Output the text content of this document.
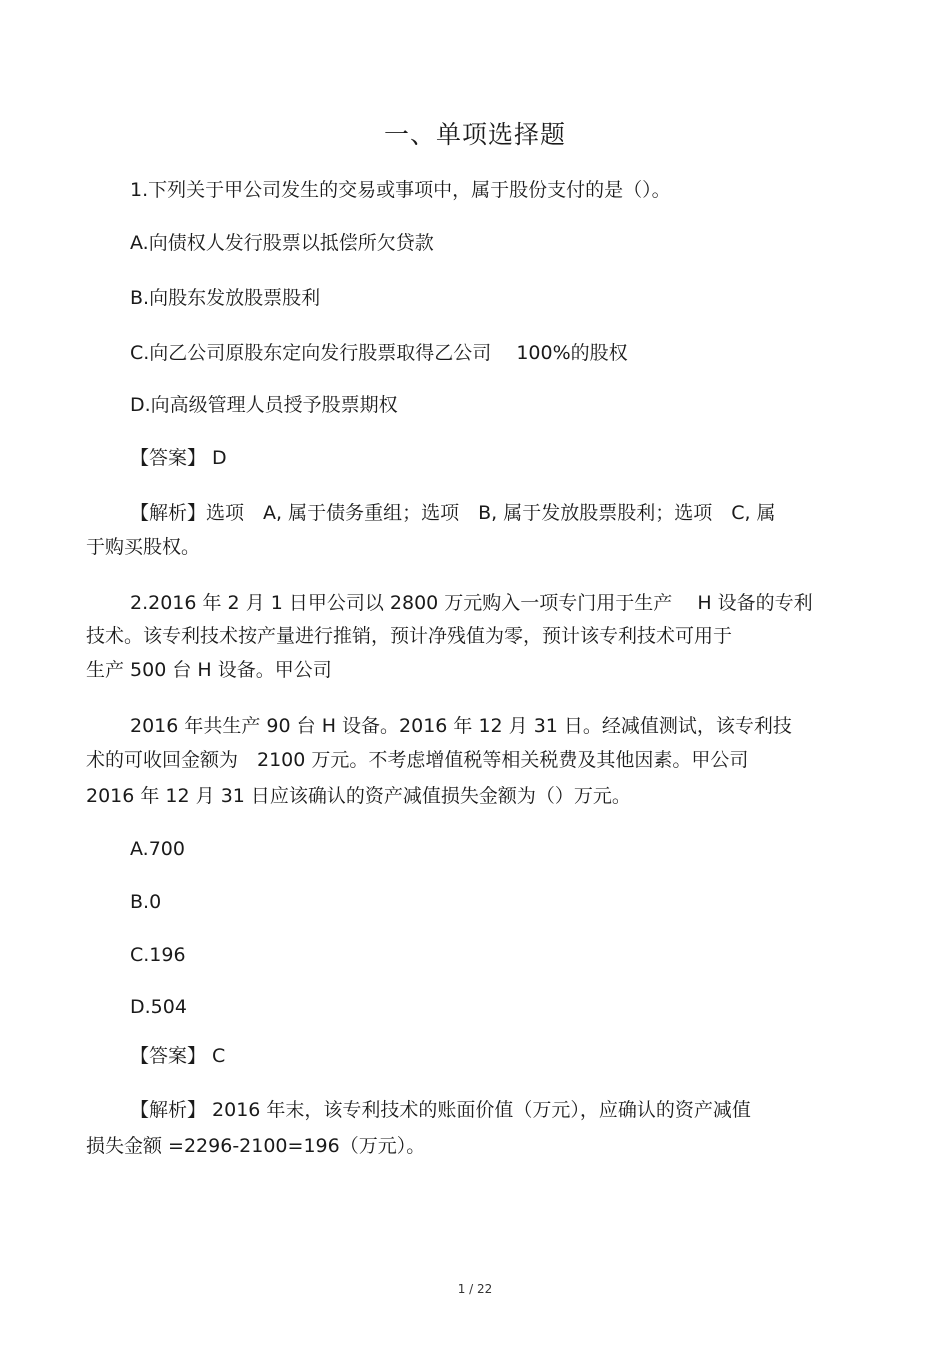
一、单项选择题
1.下列关于甲公司发生的交易或事项中，属于股份支付的是（）。
A.向债权人发行股票以抵偿所欠贷款
B.向股东发放股票股利
C.向乙公司原股东定向发行股票取得乙公司　 100%的股权
D.向高级管理人员授予股票期权
【答案】 D
【解析】选项　A, 属于债务重组；选项　B, 属于发放股票股利；选项　C, 属
于购买股权。
2.2016 年 2 月 1 日甲公司以 2800 万元购入一项专门用于生产　 H 设备的专利
技术。该专利技术按产量进行推销，预计净残值为零，预计该专利技术可用于
生产 500 台 H 设备。甲公司
2016 年共生产 90 台 H 设备。2016 年 12 月 31 日。经减值测试，该专利技
术的可收回金额为　2100 万元。不考虑增值税等相关税费及其他因素。甲公司
2016 年 12 月 31 日应该确认的资产减值损失金额为（）万元。
A.700
B.0
C.196
D.504
【答案】 C
【解析】 2016 年末，该专利技术的账面价值（万元），应确认的资产减值
损失金额 =2296-2100=196（万元）。
1 / 22
